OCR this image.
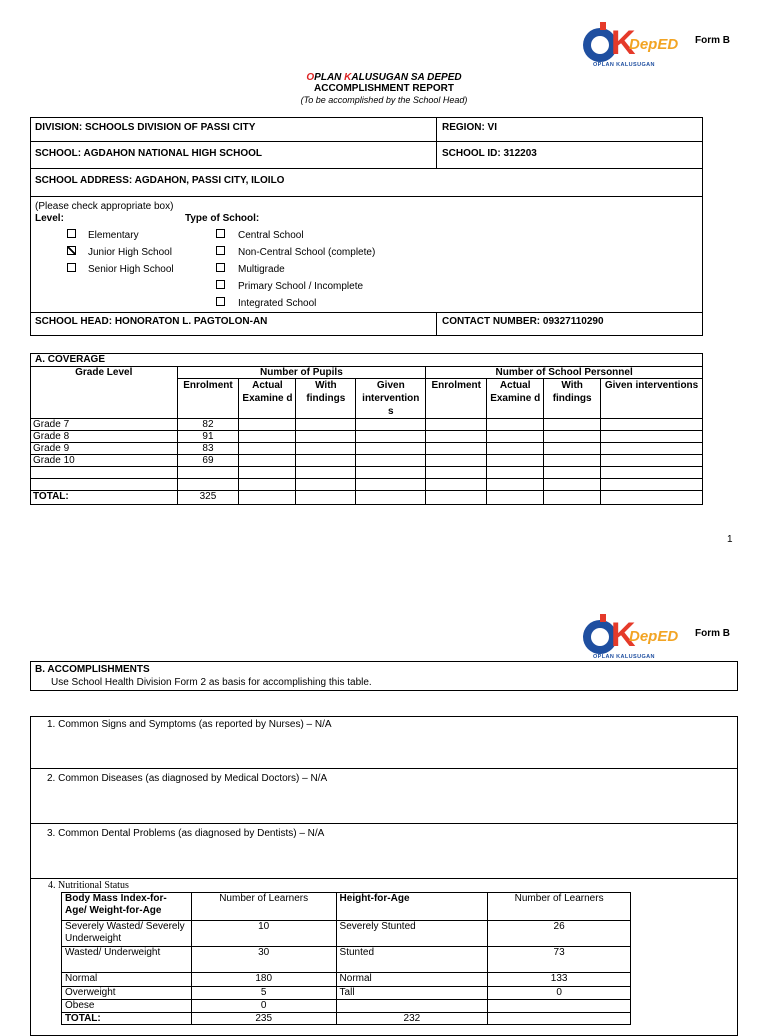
K
DepED
OPLAN KALUSUGAN
Form B
OPLAN KALUSUGAN SA DEPED
ACCOMPLISHMENT REPORT
(To be accomplished by the School Head)
DIVISION: SCHOOLS DIVISION OF PASSI CITY	REGION: VI
SCHOOL: AGDAHON NATIONAL HIGH SCHOOL	SCHOOL ID: 312203
SCHOOL ADDRESS: AGDAHON, PASSI CITY, ILOILO
(Please check appropriate box)
Level:	Type of School:
Elementary
Junior High School
Senior High School
Central School
Non-Central School (complete)
Multigrade
Primary School / Incomplete
Integrated School
SCHOOL HEAD: HONORATON L. PAGTOLON-AN	CONTACT NUMBER: 09327110290
A. COVERAGE								
Grade Level	Number of Pupils				Number of School Personnel			
	Enrolment	Actual Examine d	With findings	Given intervention s	Enrolment	Actual Examine d	With findings	Given interventions
Grade 7	82							
Grade 8	91							
Grade 9	83							
Grade 10	69							

TOTAL:	325							
1
K
DepED
OPLAN KALUSUGAN
Form B
B. ACCOMPLISHMENTS
Use School Health Division Form 2 as basis for accomplishing this table.
1. Common Signs and Symptoms (as reported by Nurses) – N/A
2. Common Diseases (as diagnosed by Medical Doctors) – N/A
3. Common Dental Problems (as diagnosed by Dentists) – N/A
4. Nutritional Status
Body Mass Index-for-Age/ Weight-for-Age	Number of Learners	Height-for-Age	Number of Learners
Severely Wasted/ Severely Underweight	10	Severely Stunted	26
Wasted/ Underweight	30	Stunted	73
Normal	180	Normal	133
Overweight	5	Tall	0
Obese	0		
TOTAL:	235	232	
